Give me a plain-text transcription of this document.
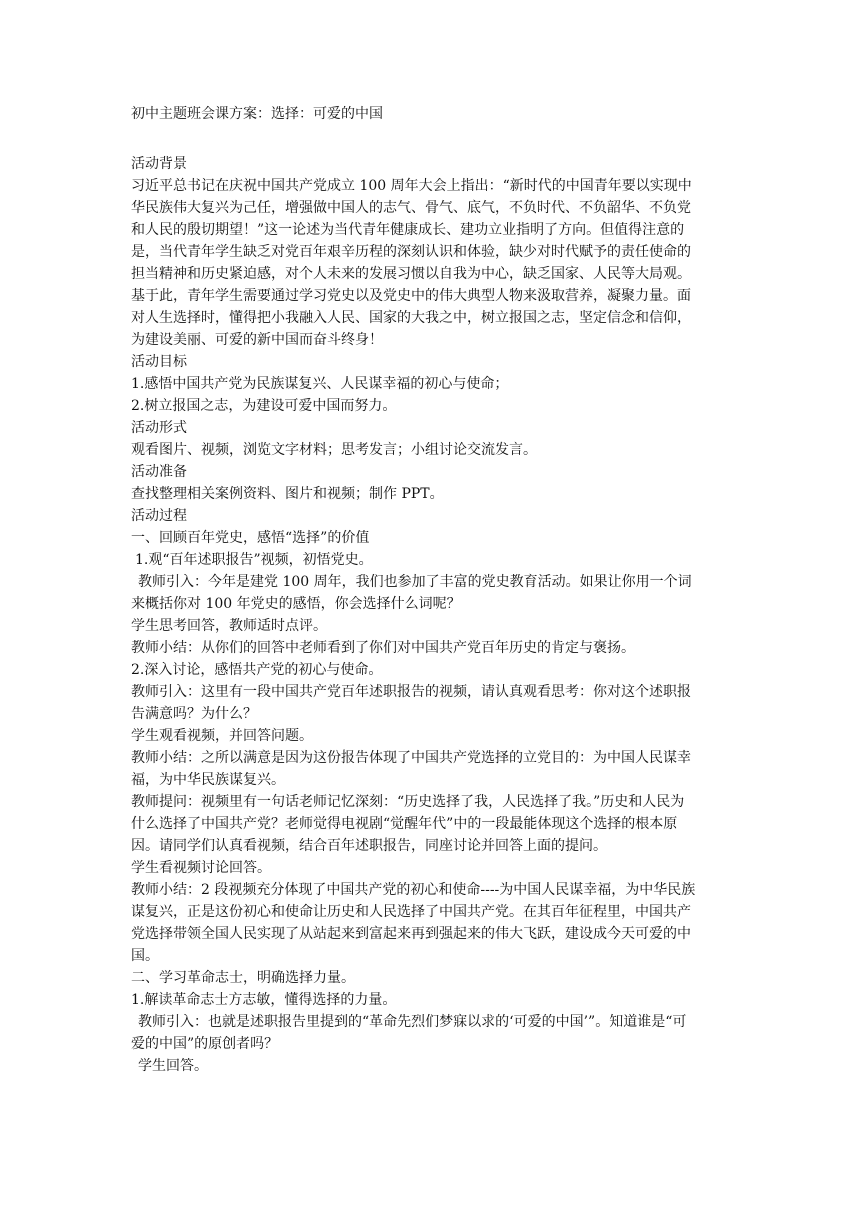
初中主题班会课方案：选择：可爱的中国
活动背景
习近平总书记在庆祝中国共产党成立 100 周年大会上指出：“新时代的中国青年要以实现中
华民族伟大复兴为己任，增强做中国人的志气、骨气、底气，不负时代、不负韶华、不负党
和人民的殷切期望！”这一论述为当代青年健康成长、建功立业指明了方向。但值得注意的
是，当代青年学生缺乏对党百年艰辛历程的深刻认识和体验，缺少对时代赋予的责任使命的
担当精神和历史紧迫感，对个人未来的发展习惯以自我为中心，缺乏国家、人民等大局观。
基于此，青年学生需要通过学习党史以及党史中的伟大典型人物来汲取营养，凝聚力量。面
对人生选择时，懂得把小我融入人民、国家的大我之中，树立报国之志，坚定信念和信仰，
为建设美丽、可爱的新中国而奋斗终身！
活动目标
1.感悟中国共产党为民族谋复兴、人民谋幸福的初心与使命；
2.树立报国之志，为建设可爱中国而努力。
活动形式
观看图片、视频，浏览文字材料；思考发言；小组讨论交流发言。
活动准备
查找整理相关案例资料、图片和视频；制作 PPT。
活动过程
一、回顾百年党史，感悟“选择”的价值
1.观“百年述职报告”视频，初悟党史。
教师引入：今年是建党 100 周年，我们也参加了丰富的党史教育活动。如果让你用一个词
来概括你对 100 年党史的感悟，你会选择什么词呢？
学生思考回答，教师适时点评。
教师小结：从你们的回答中老师看到了你们对中国共产党百年历史的肯定与褒扬。
2.深入讨论，感悟共产党的初心与使命。
教师引入：这里有一段中国共产党百年述职报告的视频，请认真观看思考：你对这个述职报
告满意吗？为什么？
学生观看视频，并回答问题。
教师小结：之所以满意是因为这份报告体现了中国共产党选择的立党目的：为中国人民谋幸
福，为中华民族谋复兴。
教师提问：视频里有一句话老师记忆深刻：“历史选择了我，人民选择了我。”历史和人民为
什么选择了中国共产党？老师觉得电视剧“觉醒年代”中的一段最能体现这个选择的根本原
因。请同学们认真看视频，结合百年述职报告，同座讨论并回答上面的提问。
学生看视频讨论回答。
教师小结：2 段视频充分体现了中国共产党的初心和使命----为中国人民谋幸福，为中华民族
谋复兴，正是这份初心和使命让历史和人民选择了中国共产党。在其百年征程里，中国共产
党选择带领全国人民实现了从站起来到富起来再到强起来的伟大飞跃，建设成今天可爱的中
国。
二、学习革命志士，明确选择力量。
1.解读革命志士方志敏，懂得选择的力量。
教师引入：也就是述职报告里提到的“革命先烈们梦寐以求的‘可爱的中国’”。知道谁是“可
爱的中国”的原创者吗？
学生回答。
